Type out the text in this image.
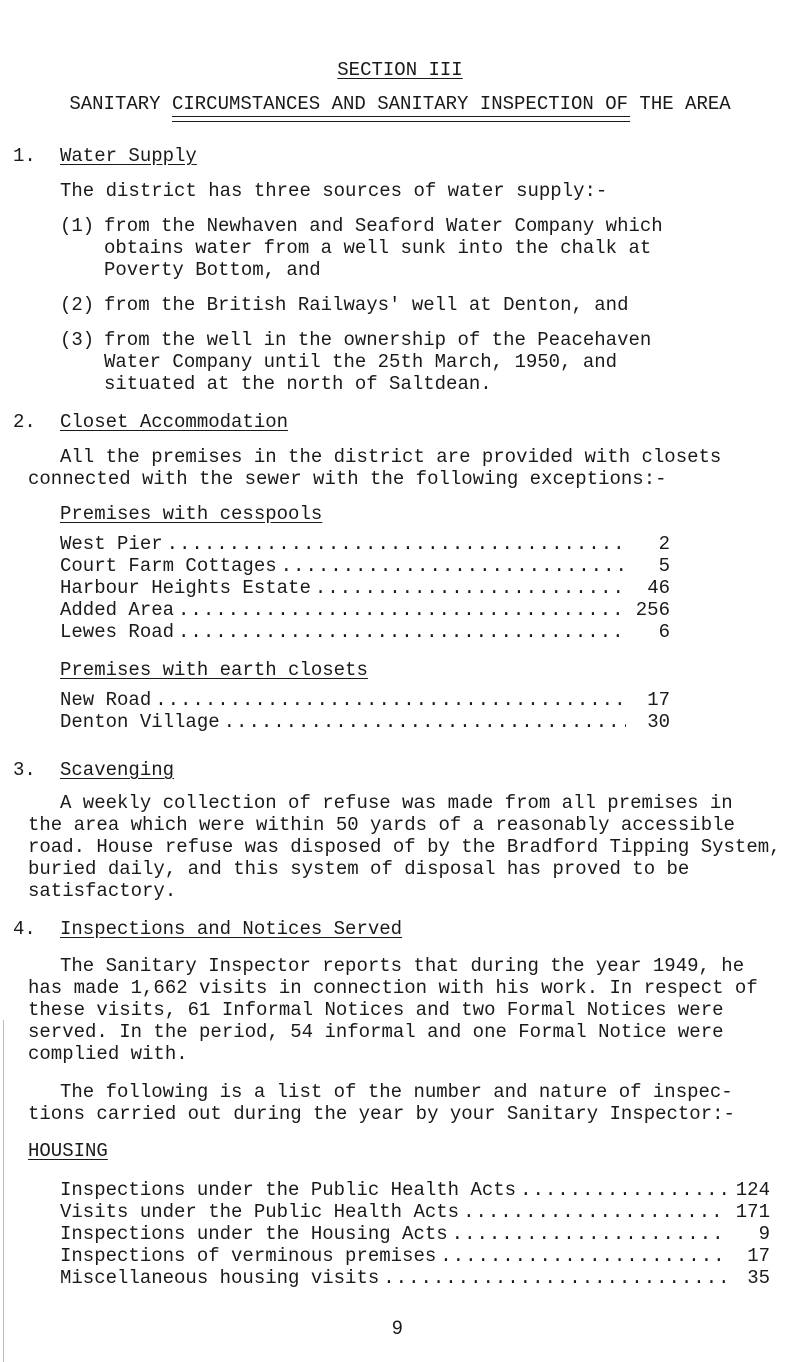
SECTION III
SANITARY CIRCUMSTANCES AND SANITARY INSPECTION OF THE AREA
1. Water Supply
The district has three sources of water supply:-
(1) from the Newhaven and Seaford Water Company which
obtains water from a well sunk into the chalk at
Poverty Bottom, and
(2) from the British Railways' well at Denton, and
(3) from the well in the ownership of the Peacehaven
Water Company until the 25th March, 1950, and
situated at the north of Saltdean.
2. Closet Accommodation
All the premises in the district are provided with closets
connected with the sewer with the following exceptions:-
Premises with cesspools
West Pier .....	2
Court Farm Cottages .....	5
Harbour Heights Estate .....	46
Added Area .....	256
Lewes Road .....	6
Premises with earth closets
New Road .....	17
Denton Village .....	30
3. Scavenging
A weekly collection of refuse was made from all premises in
the area which were within 50 yards of a reasonably accessible
road. House refuse was disposed of by the Bradford Tipping System,
buried daily, and this system of disposal has proved to be
satisfactory.
4. Inspections and Notices Served
The Sanitary Inspector reports that during the year 1949, he
has made 1,662 visits in connection with his work. In respect of
these visits, 61 Informal Notices and two Formal Notices were
served. In the period, 54 informal and one Formal Notice were
complied with.
The following is a list of the number and nature of inspec-
tions carried out during the year by your Sanitary Inspector:-
HOUSING
Inspections under the Public Health Acts .....	124
Visits under the Public Health Acts .....	171
Inspections under the Housing Acts .....	9
Inspections of verminous premises .....	17
Miscellaneous housing visits .....	35
9
